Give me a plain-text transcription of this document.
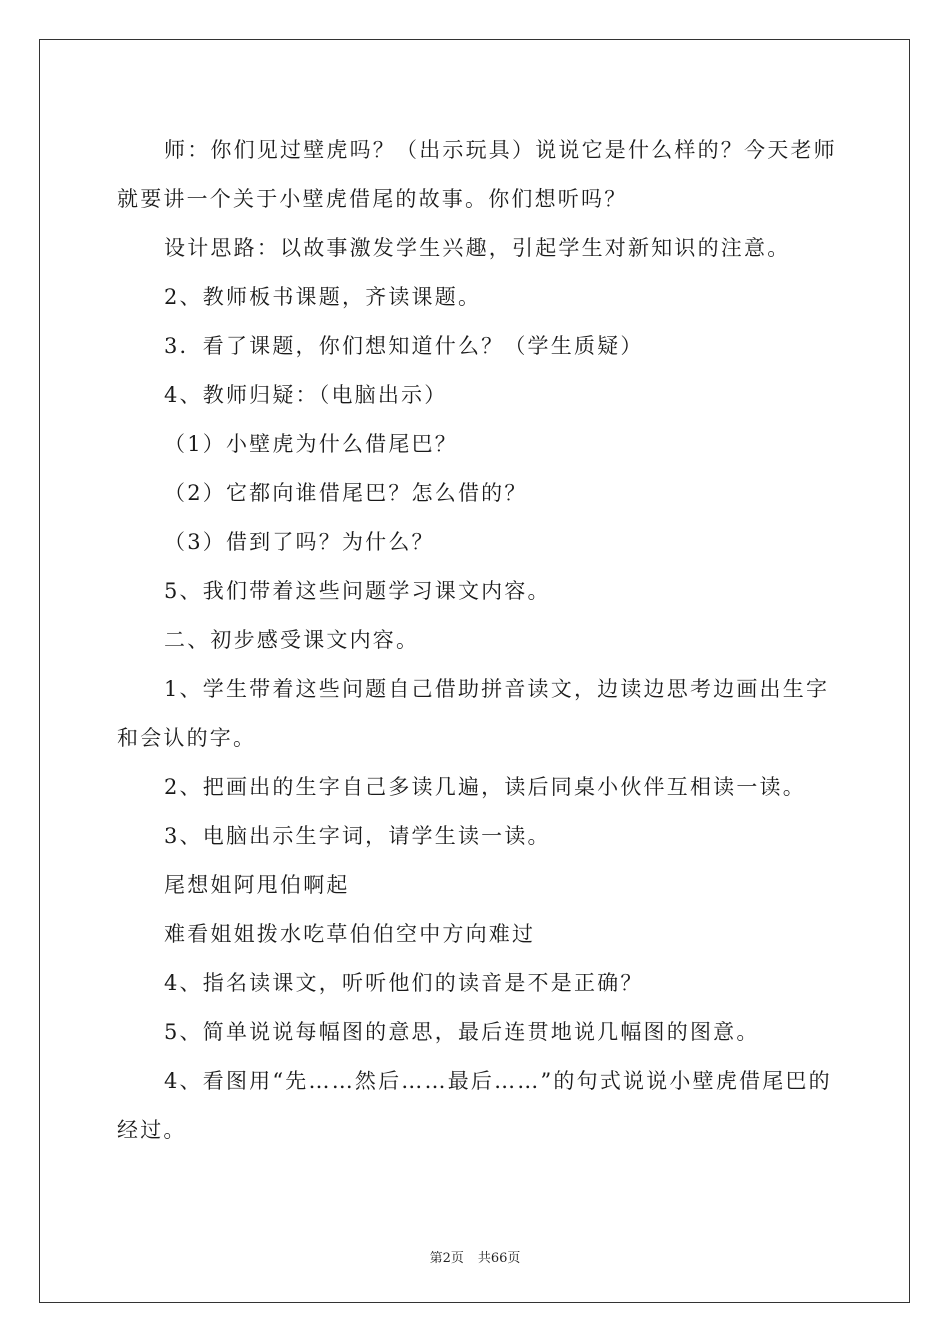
师：你们见过壁虎吗？（出示玩具）说说它是什么样的？今天老师就要讲一个关于小壁虎借尾的故事。你们想听吗？

设计思路：以故事激发学生兴趣，引起学生对新知识的注意。

2、教师板书课题，齐读课题。

3．看了课题，你们想知道什么？（学生质疑）

4、教师归疑：（电脑出示）

（1）小壁虎为什么借尾巴？

（2）它都向谁借尾巴？怎么借的？

（3）借到了吗？为什么？

5、我们带着这些问题学习课文内容。

二、初步感受课文内容。

1、学生带着这些问题自己借助拼音读文，边读边思考边画出生字和会认的字。

2、把画出的生字自己多读几遍，读后同桌小伙伴互相读一读。

3、电脑出示生字词，请学生读一读。

尾想姐阿甩伯啊起

难看姐姐拨水吃草伯伯空中方向难过

4、指名读课文，听听他们的读音是不是正确？

5、简单说说每幅图的意思，最后连贯地说几幅图的图意。

4、看图用“先……然后……最后……”的句式说说小壁虎借尾巴的经过。

第2页 共66页
